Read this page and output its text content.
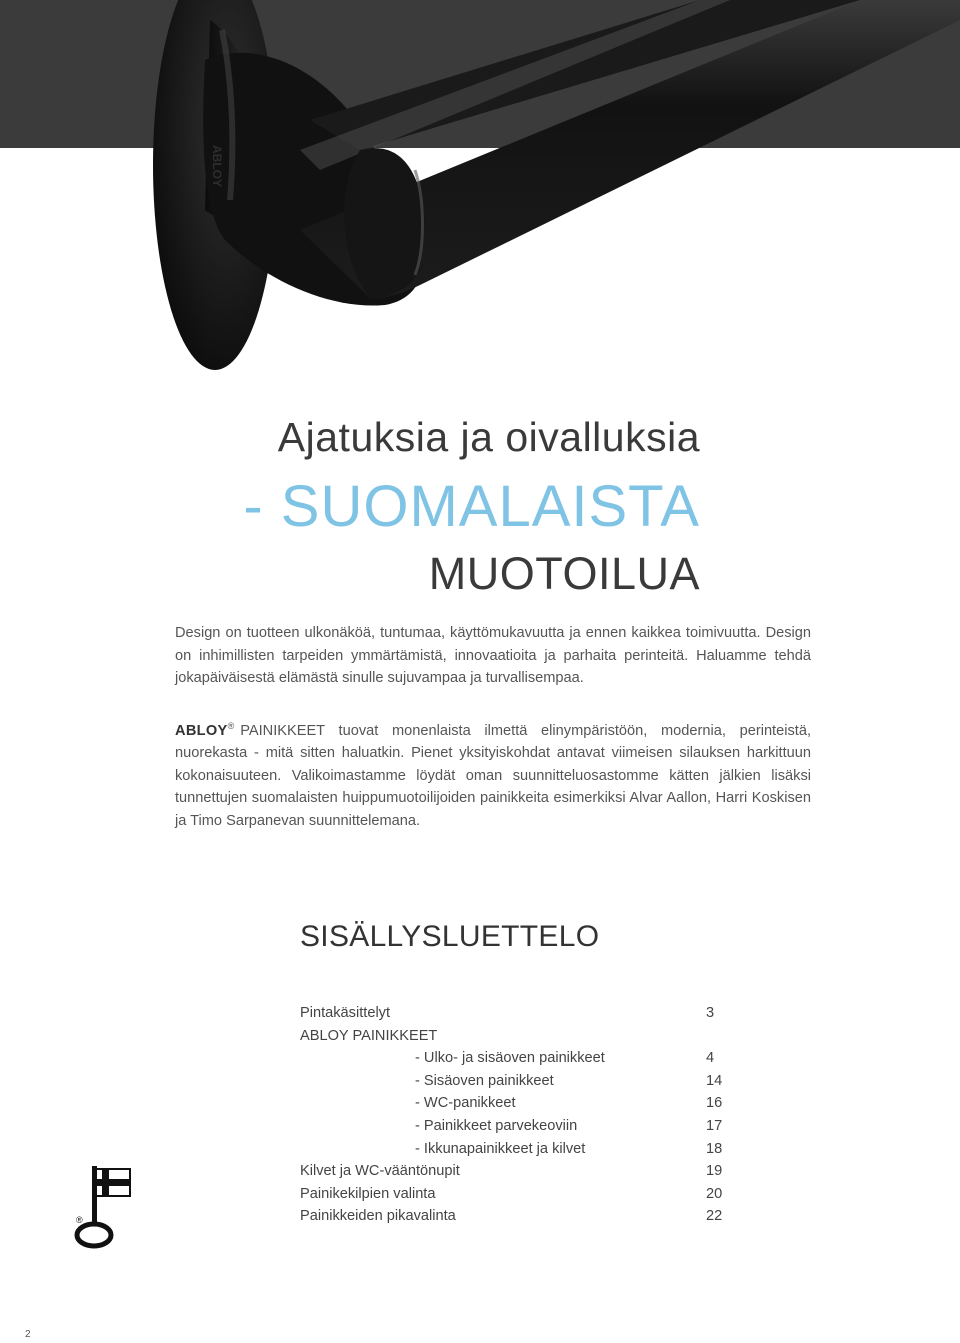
ABLOY
Ajatuksia ja oivalluksia
- SUOMALAISTA
MUOTOILUA

Design on tuotteen ulkonäköä, tuntumaa, käyttömukavuutta ja ennen kaikkea toimivuutta. Design on inhimillisten tarpeiden ymmärtämistä, innovaatioita ja parhaita perinteitä. Haluamme tehdä jokapäiväisestä elämästä sinulle sujuvampaa ja turvallisempaa.

ABLOY® PAINIKKEET tuovat monenlaista ilmettä elinympäristöön, modernia, perinteistä, nuorekasta - mitä sitten haluatkin. Pienet yksityiskohdat antavat viimeisen silauksen harkittuun kokonaisuuteen. Valikoimastamme löydät oman suunnitteluosastomme kätten jälkien lisäksi tunnettujen suomalaisten huippumuotoilijoiden painikkeita esimerkiksi Alvar Aallon, Harri Koskisen ja Timo Sarpanevan suunnittelemana.

SISÄLLYSLUETTELO
Pintakäsittelyt	3
ABLOY PAINIKKEET
- Ulko- ja sisäoven painikkeet	4
- Sisäoven painikkeet	14
- WC-panikkeet	16
- Painikkeet parvekeoviin	17
- Ikkunapainikkeet ja kilvet	18
Kilvet ja WC-vääntönupit	19
Painikekilpien valinta	20
Painikkeiden pikavalinta	22
®
2
